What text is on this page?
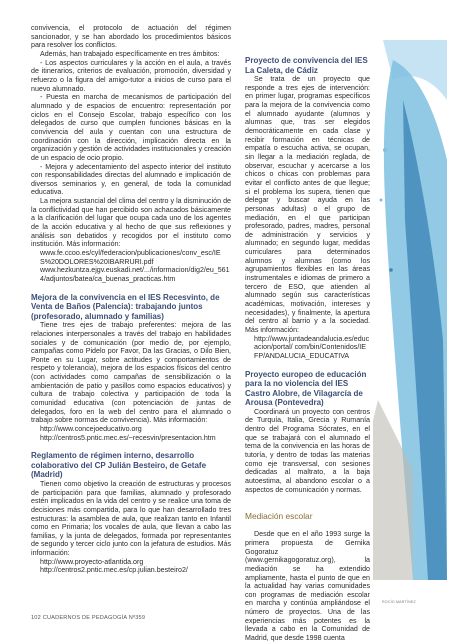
convivencia, el protocolo de actuación del régimen sancionador, y se han abordado los procedimientos básicos para resolver los conflictos.

Además, han trabajado específicamente en tres ámbitos:

- Los aspectos curriculares y la acción en el aula, a través de itinerarios, criterios de evaluación, promoción, diversidad y refuerzo o la figura del amigo-tutor a inicios de curso para el nuevo alumnado.

- Puesta en marcha de mecanismos de participación del alumnado y de espacios de encuentro: representación por ciclos en el Consejo Escolar, trabajo específico con los delegados de curso que cumplen funciones básicas en la convivencia del aula y cuentan con una estructura de coordinación con la dirección, implicación directa en la organización y gestión de actividades institucionales y creación de un espacio de ocio propio.

- Mejora y adecentamiento del aspecto interior del instituto con responsabilidades directas del alumnado e implicación de diversos seminarios y, en general, de toda la comunidad educativa.

La mejora sustancial del clima del centro y la disminución de la conflictividad que han percibido son achacados básicamente a la clarificación del lugar que ocupa cada uno de los agentes de la acción educativa y al hecho de que sus reflexiones y análisis son debatidos y recogidos por el instituto como institución. Más información:

www.fe.ccoo.es/cyl/federacion/publicaciones/conv_esc/IES%20DOLORES%20IBARRURI.pdf

www.hezkuntza.ejgv.euskadi.net/.../informacion/dig2/eu_5614/adjuntos/batea/ca_buenas_practicas.htm

Mejora de la convivencia en el IES Recesvinto, de Venta de Baños (Palencia): trabajando juntos (profesorado, alumnado y familias)

Tiene tres ejes de trabajo preferentes: mejora de las relaciones interpersonales a través del trabajo en habilidades sociales y de comunicación (por medio de, por ejemplo, campañas como Pidelo por Favor, Da las Gracias, o Dilo Bien, Ponte en su Lugar, sobre actitudes y comportamientos de respeto y tolerancia), mejora de los espacios físicos del centro (con actividades como campañas de sensibilización o la ambientación de patio y pasillos como espacios educativos) y cultura de trabajo colectiva y participación de toda la comunidad educativa (con potenciación de juntas de delegados, foro en la web del centro para el alumnado o trabajo sobre normas de convivencia). Más información:

http://www.concejoeducativo.org

http://centros5.pntic.mec.es/~recesvin/presentacion.htm

Reglamento de régimen interno, desarrollo colaborativo del CP Julián Besteiro, de Getafe (Madrid)

Tienen como objetivo la creación de estructuras y procesos de participación para que familias, alumnado y profesorado estén implicados en la vida del centro y se realice una toma de decisiones más compartida, para lo que han desarrollado tres estructuras: la asamblea de aula, que realizan tanto en Infantil como en Primaria; los vocales de aula, que llevan a cabo las familias, y la junta de delegados, formada por representantes de segundo y tercer ciclo junto con la jefatura de estudios. Más información:

http://www.proyecto-atlantida.org

http://centros2.pntic.mec.es/cp.julian.besteiro2/

Proyecto de convivencia del IES La Caleta, de Cádiz

Se trata de un proyecto que responde a tres ejes de intervención: en primer lugar, programas específicos para la mejora de la convivencia como el alumnado ayudante (alumnos y alumnas que, tras ser elegidos democráticamente en cada clase y recibir formación en técnicas de empatía o escucha activa, se ocupan, sin llegar a la mediación reglada, de observar, escuchar y acercarse a los chicos o chicas con problemas para evitar el conflicto antes de que llegue; si el problema los supera, tienen que delegar y buscar ayuda en las personas adultas) o el grupo de mediación, en el que participan profesorado, padres, madres, personal de administración y servicios y alumnado; en segundo lugar, medidas curriculares para determinados alumnos y alumnas (como los agrupamientos flexibles en las áreas instrumentales e idiomas de primero a tercero de ESO, que atienden al alumnado según sus características académicas, motivación, intereses y necesidades), y finalmente, la apertura del centro al barrio y a la sociedad. Más información:

http://www.juntadeandalucia.es/educacion/portal/ com/bin/Contenidos/IEFP/ANDALUCIA_EDUCATIVA

Proyecto europeo de educación para la no violencia del IES Castro Alobre, de Vilagarcía de Arousa (Pontevedra)

Coordinará un proyecto con centros de Turquía, Italia, Grecia y Rumanía dentro del Programa Sócrates, en el que se trabajará con el alumnado el tema de la convivencia en las horas de tutoría, y dentro de todas las materias como eje transversal, con sesiones dedicadas al maltrato, a la baja autoestima, al abandono escolar o a aspectos de comunicación y normas.

Mediación escolar

Desde que en el año 1993 surge la primera propuesta de Gernika Gogoratuz (www.gernikagogoratuz.org), la mediación se ha extendido ampliamente, hasta el punto de que en la actualidad hay varias comunidades con programas de mediación escolar en marcha y continúa ampliándose el número de proyectos. Una de las experiencias más potentes es la llevada a cabo en la Comunidad de Madrid, que desde 1998 cuenta

ROCÍO MARTÍNEZ
102 CUADERNOS DE PEDAGOGÍA Nº359
